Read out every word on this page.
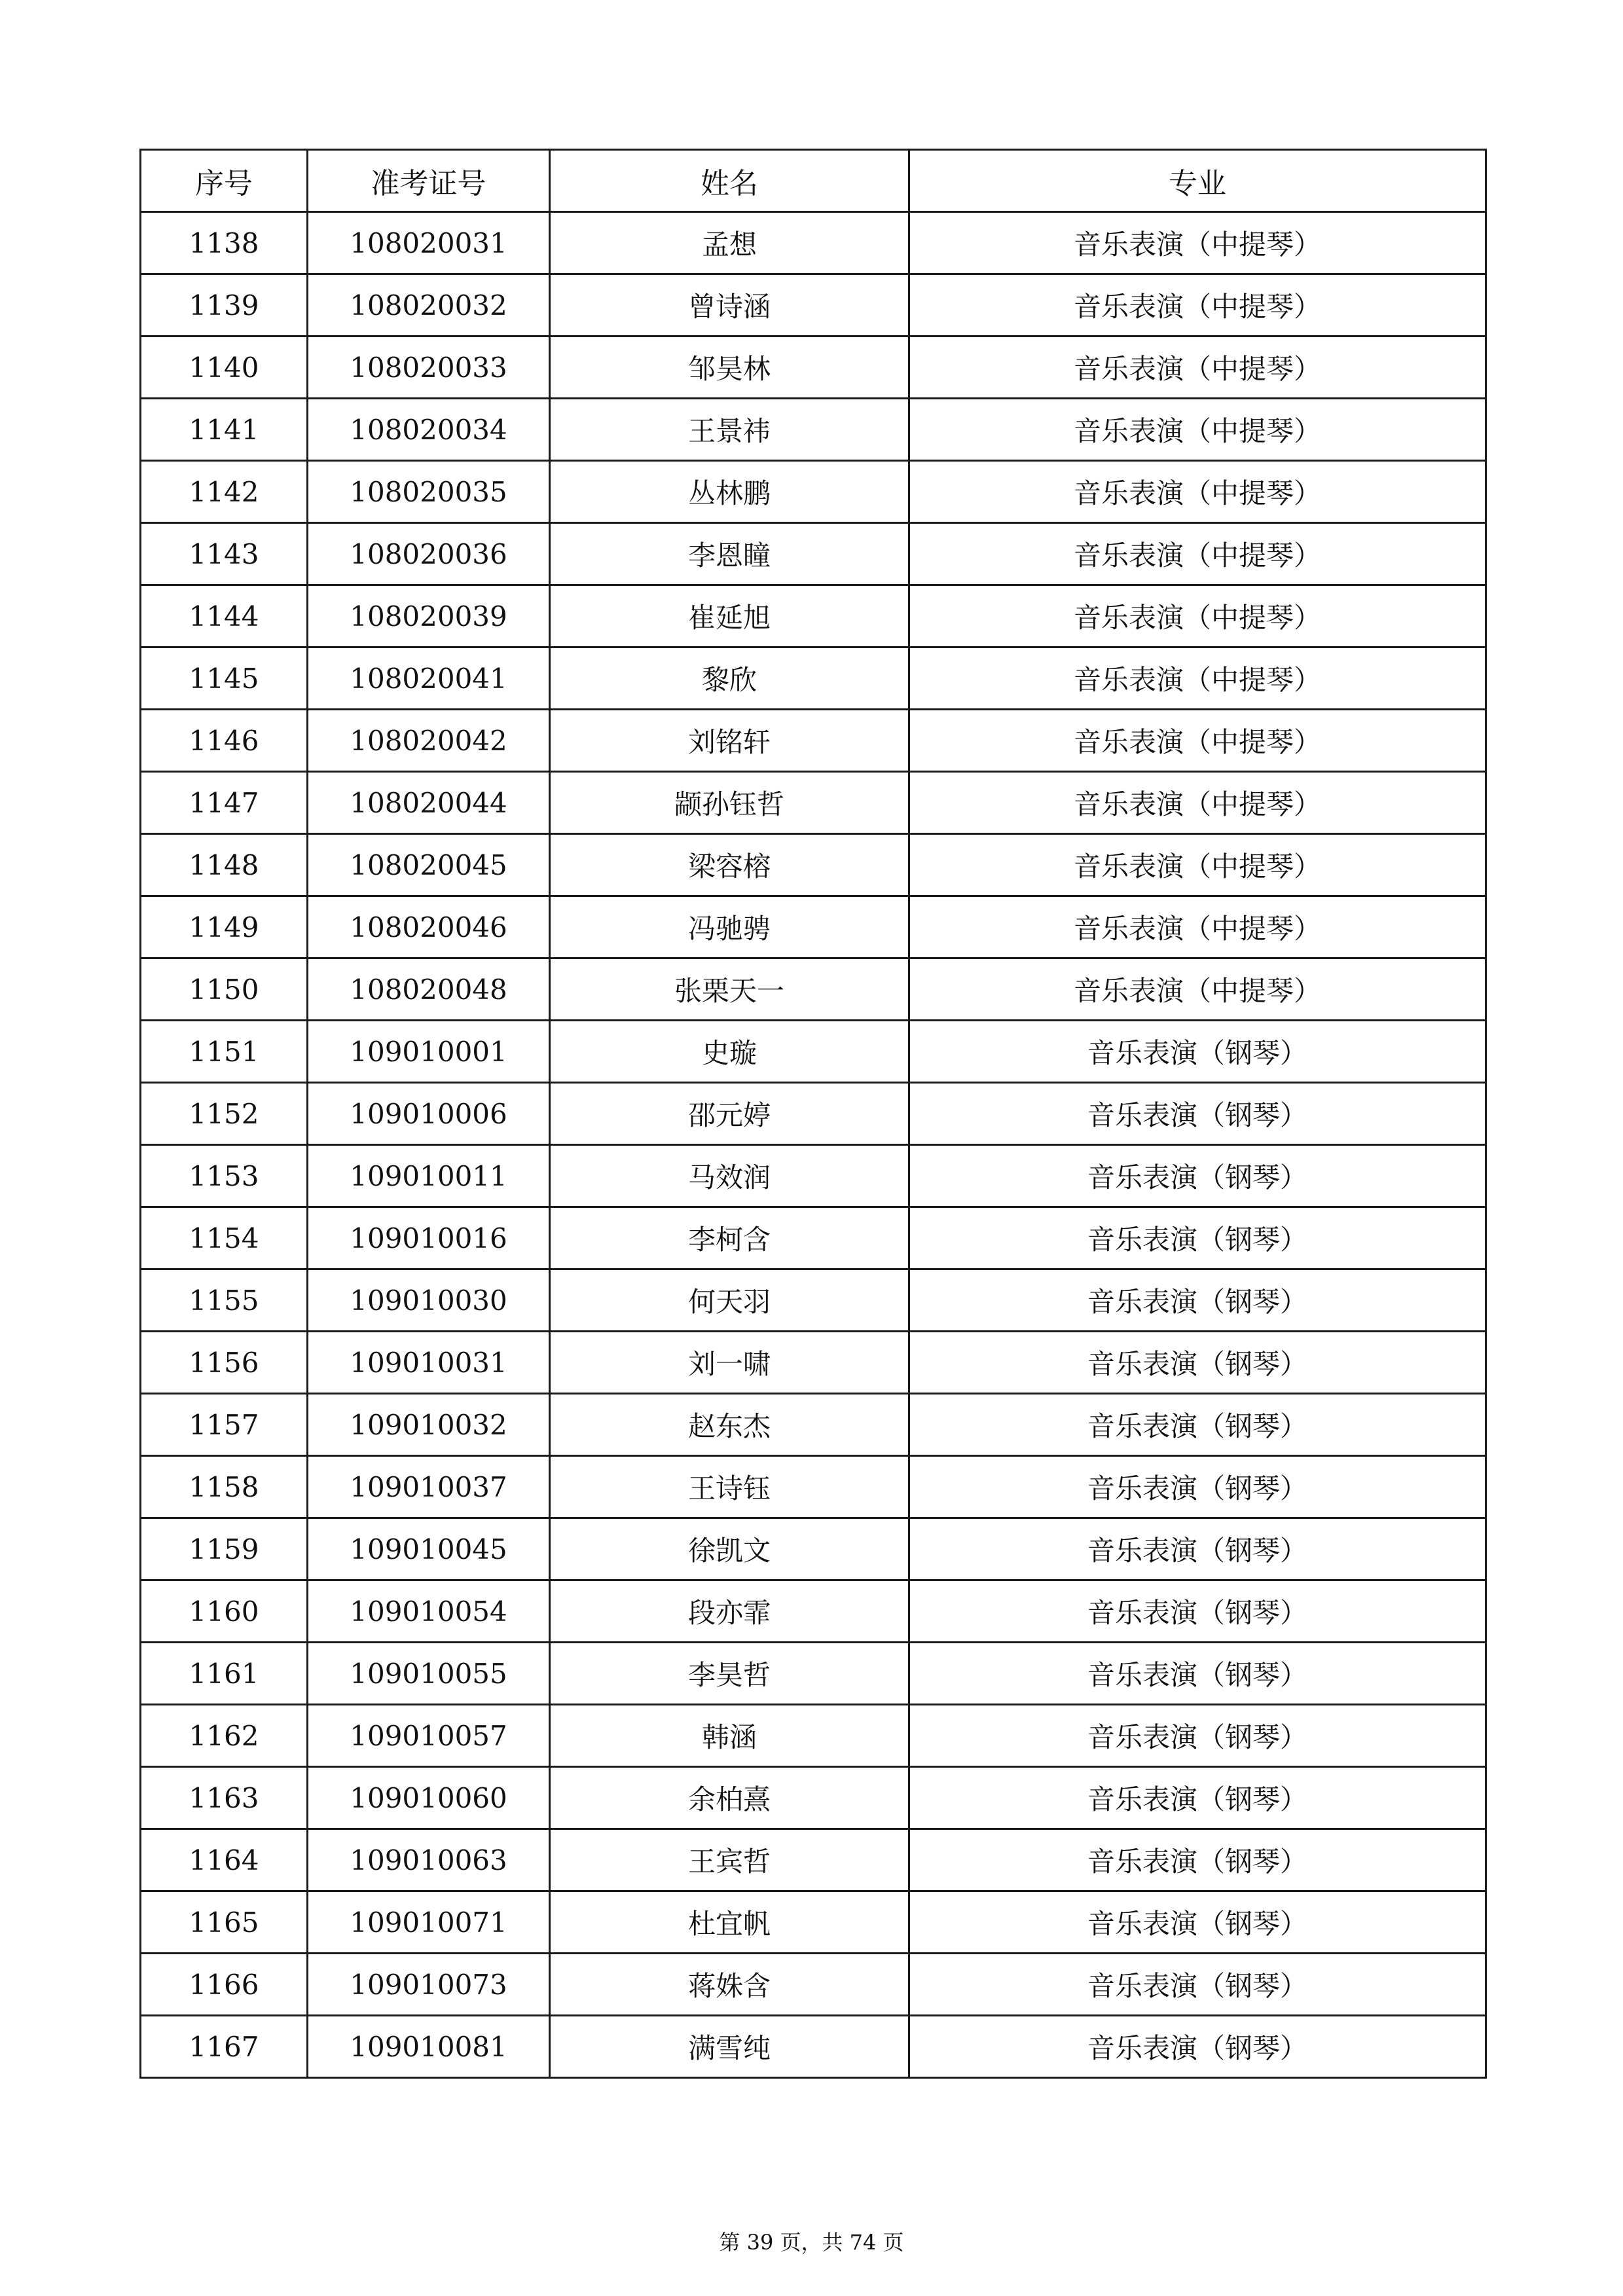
序号	准考证号	姓名	专业
1138	108020031	孟想	音乐表演（中提琴）
1139	108020032	曾诗涵	音乐表演（中提琴）
1140	108020033	邹昊林	音乐表演（中提琴）
1141	108020034	王景祎	音乐表演（中提琴）
1142	108020035	丛林鹏	音乐表演（中提琴）
1143	108020036	李恩瞳	音乐表演（中提琴）
1144	108020039	崔延旭	音乐表演（中提琴）
1145	108020041	黎欣	音乐表演（中提琴）
1146	108020042	刘铭轩	音乐表演（中提琴）
1147	108020044	颛孙钰哲	音乐表演（中提琴）
1148	108020045	梁容榕	音乐表演（中提琴）
1149	108020046	冯驰骋	音乐表演（中提琴）
1150	108020048	张栗天一	音乐表演（中提琴）
1151	109010001	史璇	音乐表演（钢琴）
1152	109010006	邵元婷	音乐表演（钢琴）
1153	109010011	马效润	音乐表演（钢琴）
1154	109010016	李柯含	音乐表演（钢琴）
1155	109010030	何天羽	音乐表演（钢琴）
1156	109010031	刘一啸	音乐表演（钢琴）
1157	109010032	赵东杰	音乐表演（钢琴）
1158	109010037	王诗钰	音乐表演（钢琴）
1159	109010045	徐凯文	音乐表演（钢琴）
1160	109010054	段亦霏	音乐表演（钢琴）
1161	109010055	李昊哲	音乐表演（钢琴）
1162	109010057	韩涵	音乐表演（钢琴）
1163	109010060	余柏熹	音乐表演（钢琴）
1164	109010063	王宾哲	音乐表演（钢琴）
1165	109010071	杜宜帆	音乐表演（钢琴）
1166	109010073	蒋姝含	音乐表演（钢琴）
1167	109010081	满雪纯	音乐表演（钢琴）
第 39 页，共 74 页
